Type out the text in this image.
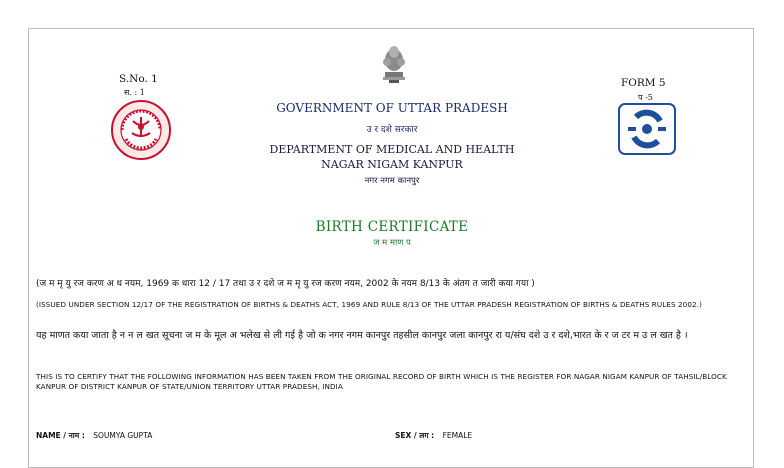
S.No. 1
स. : 1
FORM 5
प -5
GOVERNMENT OF UTTAR PRADESH
उ र दशे सरकार
DEPARTMENT OF MEDICAL AND HEALTH
NAGAR NIGAM KANPUR
नगर नगम कानपुर
BIRTH CERTIFICATE
ज म माण प
(ज म मृ यु रज करण अ ध नयम, 1969 क धारा 12 / 17 तथा उ र दशे ज म मृ यु रज करण नयम, 2002 के नयम 8/13 के अंतग त जारी कया गया )
(ISSUED UNDER SECTION 12/17 OF THE REGISTRATION OF BIRTHS & DEATHS ACT, 1969 AND RULE 8/13 OF THE UTTAR PRADESH REGISTRATION OF BIRTHS & DEATHS RULES 2002.)
यह माणत कया जाता है न न ल खत सूचना ज म के मूल अ भलेख से ली गई है जो क नगर नगम कानपुर तहसील कानपुर जला कानपुर रा य/संघ दशे उ र दशे,भारत के र ज टर म उ ल खत है ।
THIS IS TO CERTIFY THAT THE FOLLOWING INFORMATION HAS BEEN TAKEN FROM THE ORIGINAL RECORD OF BIRTH WHICH IS THE REGISTER FOR NAGAR NIGAM KANPUR OF TAHSIL/BLOCK KANPUR OF DISTRICT KANPUR OF STATE/UNION TERRITORY UTTAR PRADESH, INDIA
NAME / नाम : SOUMYA GUPTA	SEX / लग : FEMALE
